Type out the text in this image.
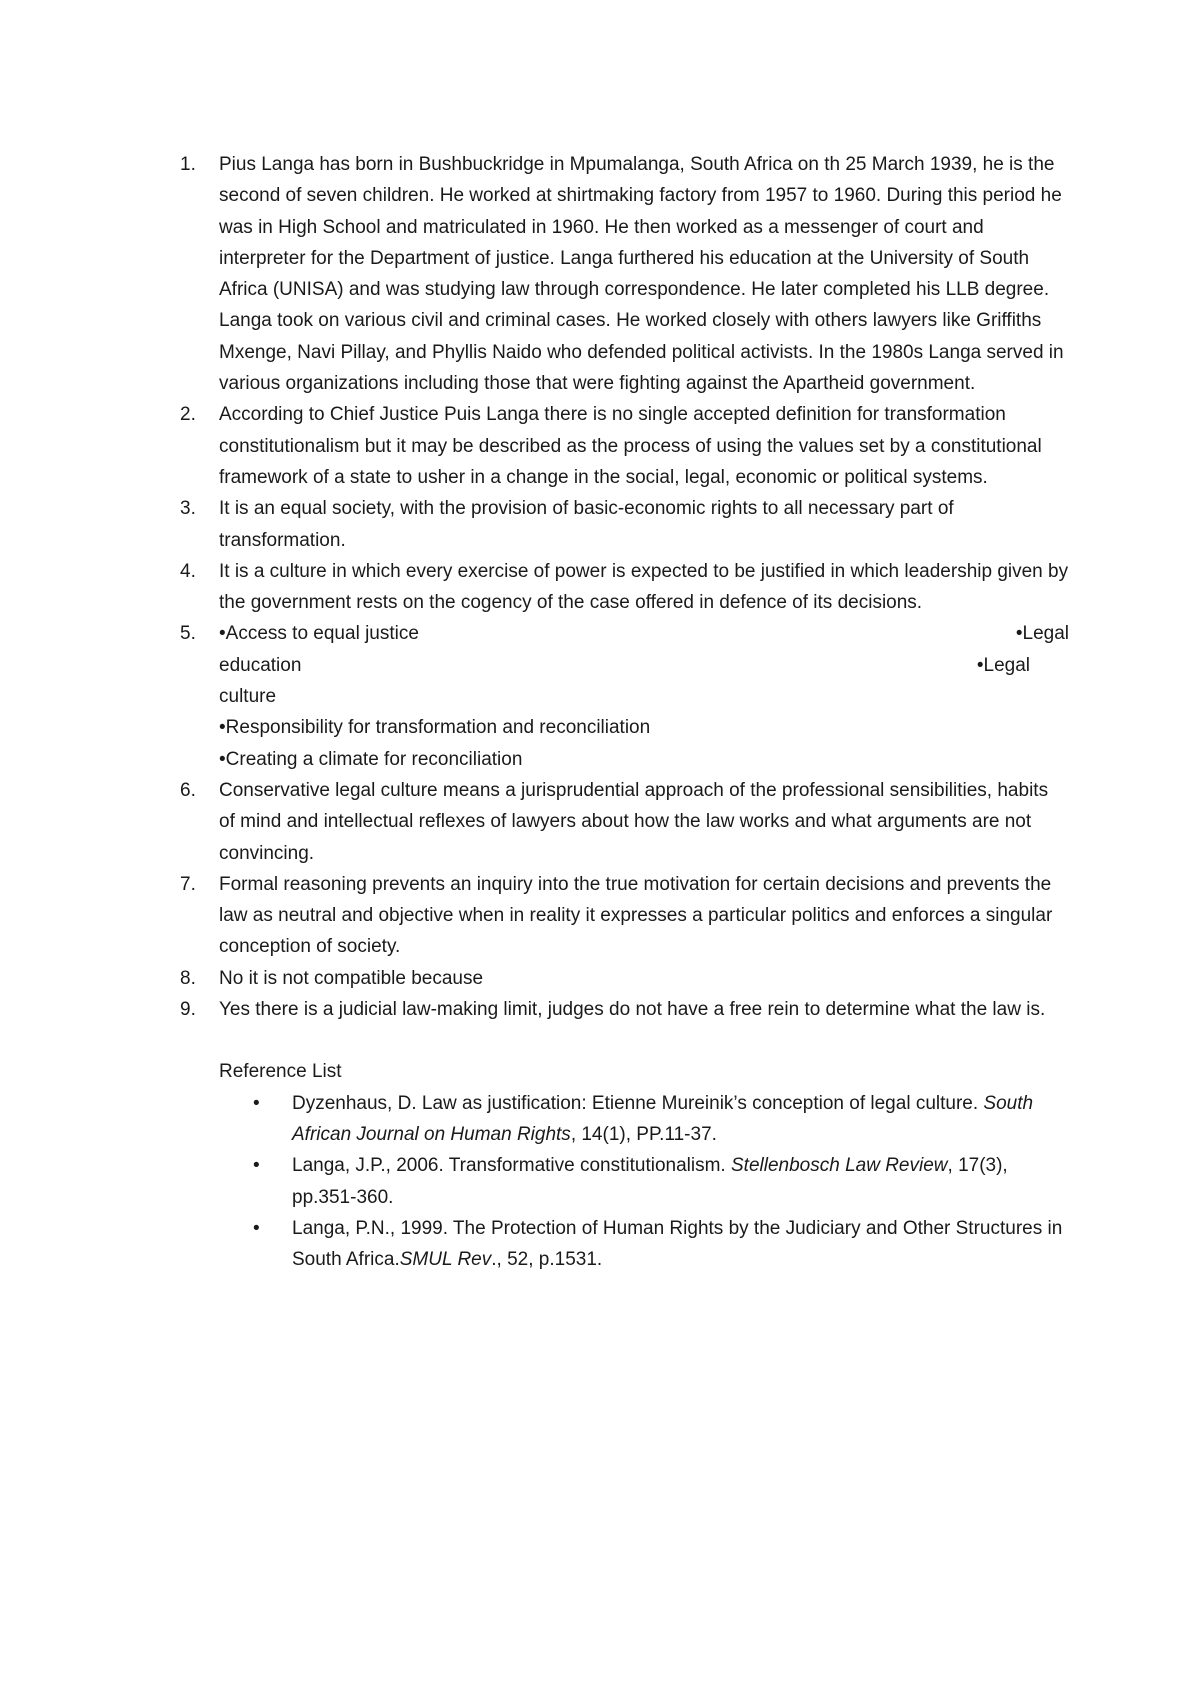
1. Pius Langa has born in Bushbuckridge in Mpumalanga, South Africa on th 25 March 1939, he is the second of seven children. He worked at shirtmaking factory from 1957 to 1960. During this period he was in High School and matriculated in 1960. He then worked as a messenger of court and interpreter for the Department of justice. Langa furthered his education at the University of South Africa (UNISA) and was studying law through correspondence. He later completed his LLB degree.

Langa took on various civil and criminal cases. He worked closely with others lawyers like Griffiths Mxenge, Navi Pillay, and Phyllis Naido who defended political activists. In the 1980s Langa served in various organizations including those that were fighting against the Apartheid government.

2. According to Chief Justice Puis Langa there is no single accepted definition for transformation constitutionalism but it may be described as the process of using the values set by a constitutional framework of a state to usher in a change in the social, legal, economic or political systems.

3. It is an equal society, with the provision of basic-economic rights to all necessary part of transformation.

4. It is a culture in which every exercise of power is expected to be justified in which leadership given by the government rests on the cogency of the case offered in defence of its decisions.

5. •Access to equal justice	•Legal
education	•Legal
culture
•Responsibility for transformation and reconciliation
•Creating a climate for reconciliation
6. Conservative legal culture means a jurisprudential approach of the professional sensibilities, habits of mind and intellectual reflexes of lawyers about how the law works and what arguments are not convincing.

7. Formal reasoning prevents an inquiry into the true motivation for certain decisions and prevents the law as neutral and objective when in reality it expresses a particular politics and enforces a singular conception of society.

8. No it is not compatible because

9. Yes there is a judicial law-making limit, judges do not have a free rein to determine what the law is.

Reference List
• Dyzenhaus, D. Law as justification: Etienne Mureinik’s conception of legal culture. South African Journal on Human Rights, 14(1), PP.11-37.
• Langa, J.P., 2006. Transformative constitutionalism. Stellenbosch Law Review, 17(3), pp.351-360.
• Langa, P.N., 1999. The Protection of Human Rights by the Judiciary and Other Structures in South Africa.SMUL Rev., 52, p.1531.
